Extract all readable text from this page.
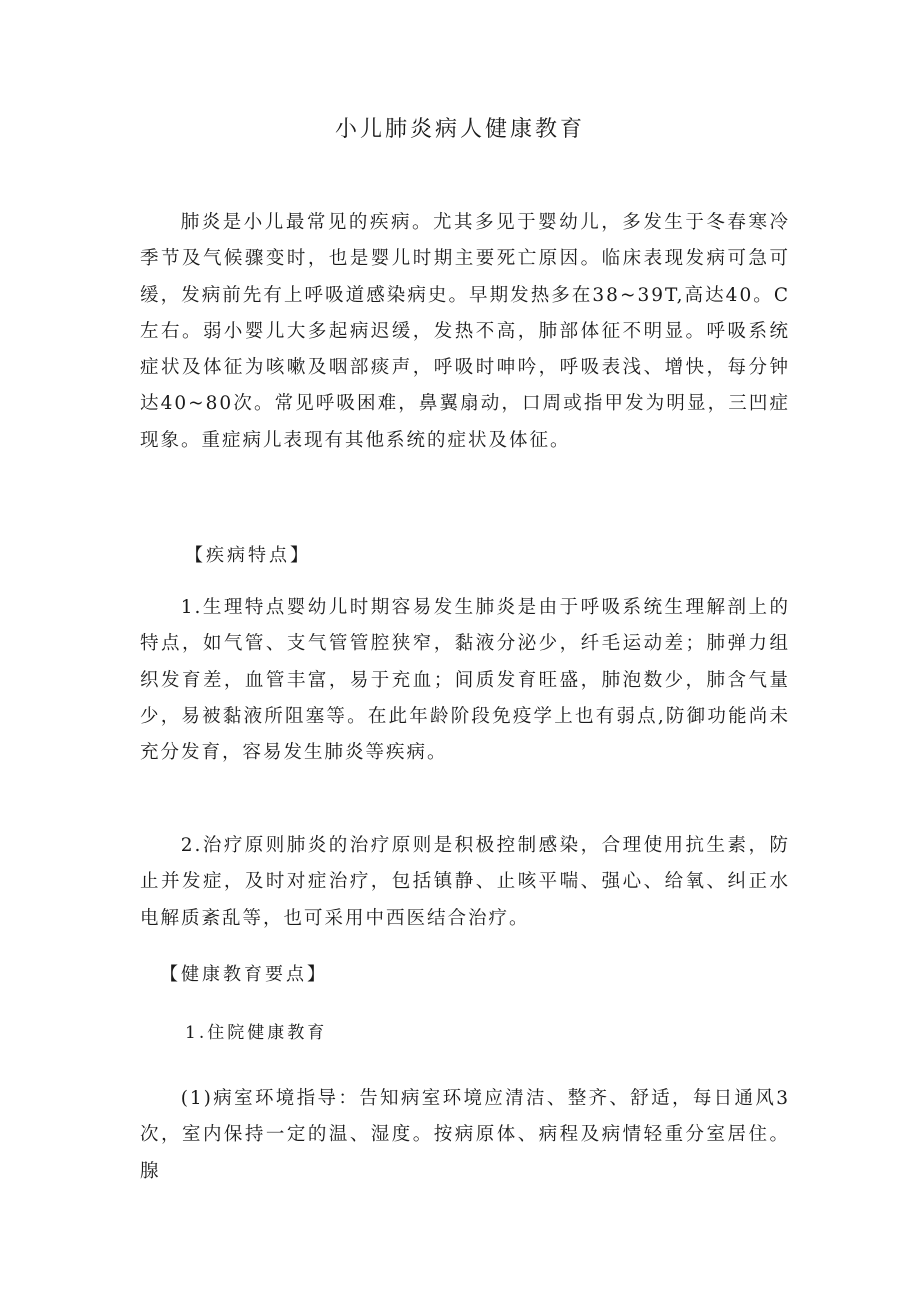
小儿肺炎病人健康教育

肺炎是小儿最常见的疾病。尤其多见于婴幼儿，多发生于冬春寒冷季节及气候骤变时，也是婴儿时期主要死亡原因。临床表现发病可急可缓，发病前先有上呼吸道感染病史。早期发热多在38~39T,高达40。C左右。弱小婴儿大多起病迟缓，发热不高，肺部体征不明显。呼吸系统症状及体征为咳嗽及咽部痰声，呼吸时呻吟，呼吸表浅、增快，每分钟达40~80次。常见呼吸困难，鼻翼扇动，口周或指甲发为明显，三凹症现象。重症病儿表现有其他系统的症状及体征。

【疾病特点】

1.生理特点婴幼儿时期容易发生肺炎是由于呼吸系统生理解剖上的特点，如气管、支气管管腔狭窄，黏液分泌少，纤毛运动差；肺弹力组织发育差，血管丰富，易于充血；间质发育旺盛，肺泡数少，肺含气量少，易被黏液所阻塞等。在此年龄阶段免疫学上也有弱点,防御功能尚未充分发育，容易发生肺炎等疾病。

2.治疗原则肺炎的治疗原则是积极控制感染，合理使用抗生素，防止并发症，及时对症治疗，包括镇静、止咳平喘、强心、给氧、纠正水电解质紊乱等，也可采用中西医结合治疗。

【健康教育要点】
1.住院健康教育

(1)病室环境指导：告知病室环境应清洁、整齐、舒适，每日通风3次，室内保持一定的温、湿度。按病原体、病程及病情轻重分室居住。腺
